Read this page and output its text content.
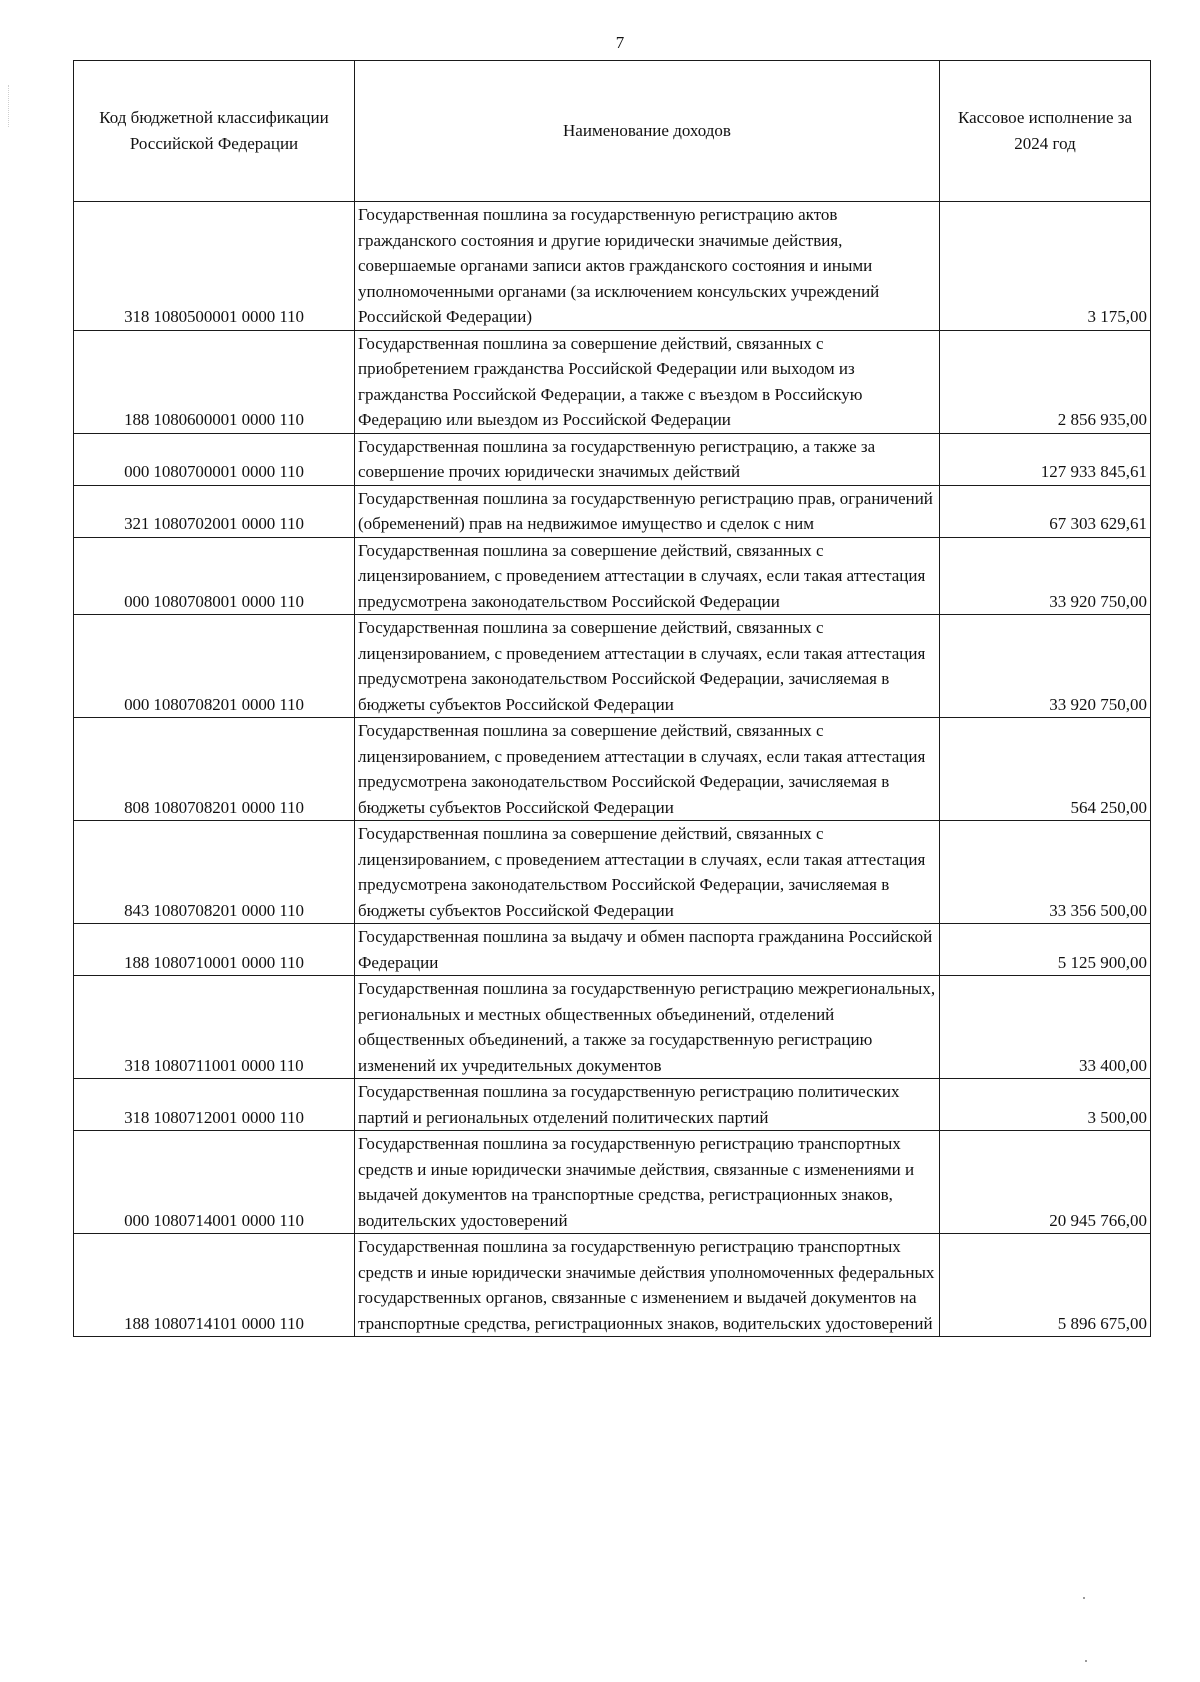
7
Код бюджетной классификации Российской Федерации	Наименование доходов	Кассовое исполнение за 2024 год
318 1080500001 0000 110	Государственная пошлина за государственную регистрацию актов гражданского состояния и другие юридически значимые действия, совершаемые органами записи актов гражданского состояния и иными уполномоченными органами (за исключением консульских учреждений Российской Федерации)	3 175,00
188 1080600001 0000 110	Государственная пошлина за совершение действий, связанных с приобретением гражданства Российской Федерации или выходом из гражданства Российской Федерации, а также с въездом в Российскую Федерацию или выездом из Российской Федерации	2 856 935,00
000 1080700001 0000 110	Государственная пошлина за государственную регистрацию, а также за совершение прочих юридически значимых действий	127 933 845,61
321 1080702001 0000 110	Государственная пошлина за государственную регистрацию прав, ограничений (обременений) прав на недвижимое имущество и сделок с ним	67 303 629,61
000 1080708001 0000 110	Государственная пошлина за совершение действий, связанных с лицензированием, с проведением аттестации в случаях, если такая аттестация предусмотрена законодательством Российской Федерации	33 920 750,00
000 1080708201 0000 110	Государственная пошлина за совершение действий, связанных с лицензированием, с проведением аттестации в случаях, если такая аттестация предусмотрена законодательством Российской Федерации, зачисляемая в бюджеты субъектов Российской Федерации	33 920 750,00
808 1080708201 0000 110	Государственная пошлина за совершение действий, связанных с лицензированием, с проведением аттестации в случаях, если такая аттестация предусмотрена законодательством Российской Федерации, зачисляемая в бюджеты субъектов Российской Федерации	564 250,00
843 1080708201 0000 110	Государственная пошлина за совершение действий, связанных с лицензированием, с проведением аттестации в случаях, если такая аттестация предусмотрена законодательством Российской Федерации, зачисляемая в бюджеты субъектов Российской Федерации	33 356 500,00
188 1080710001 0000 110	Государственная пошлина за выдачу и обмен паспорта гражданина Российской Федерации	5 125 900,00
318 1080711001 0000 110	Государственная пошлина за государственную регистрацию межрегиональных, региональных и местных общественных объединений, отделений общественных объединений, а также за государственную регистрацию изменений их учредительных документов	33 400,00
318 1080712001 0000 110	Государственная пошлина за государственную регистрацию политических партий и региональных отделений политических партий	3 500,00
000 1080714001 0000 110	Государственная пошлина за государственную регистрацию транспортных средств и иные юридически значимые действия, связанные с изменениями и выдачей документов на транспортные средства, регистрационных знаков, водительских удостоверений	20 945 766,00
188 1080714101 0000 110	Государственная пошлина за государственную регистрацию транспортных средств и иные юридически значимые действия уполномоченных федеральных государственных органов, связанные с изменением и выдачей документов на транспортные средства, регистрационных знаков, водительских удостоверений	5 896 675,00
